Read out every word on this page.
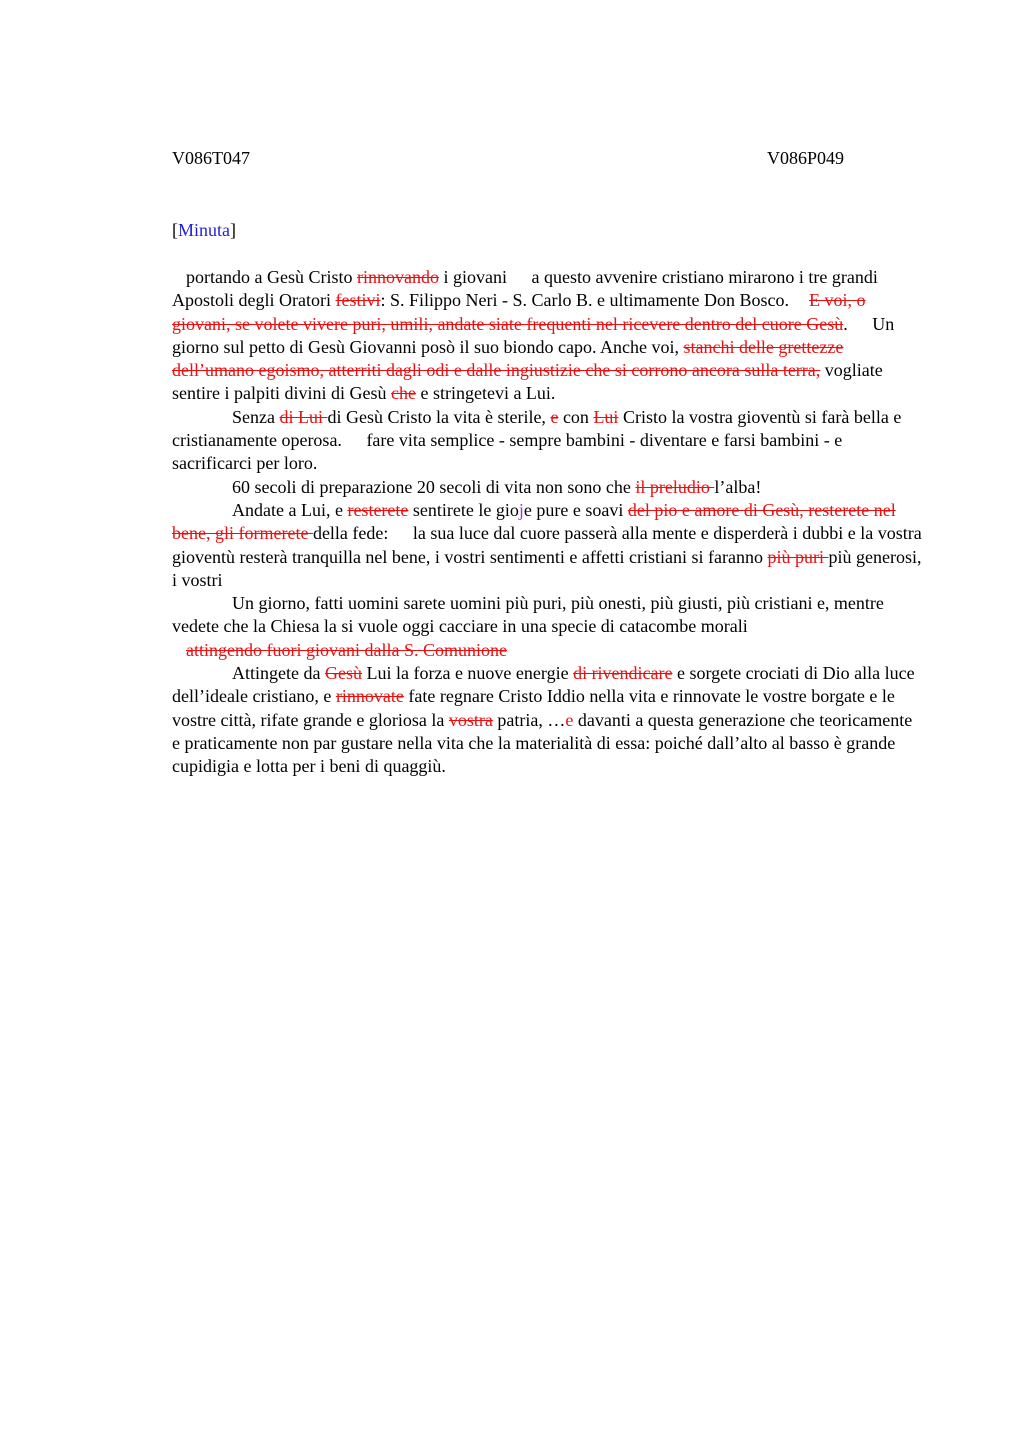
V086T047	V086P049
[Minuta]

portando a Gesù Cristo rinnovando i giovani a questo avvenire cristiano mirarono i tre grandi Apostoli degli Oratori festivi: S. Filippo Neri - S. Carlo B. e ultimamente Don Bosco. E voi, o giovani, se volete vivere puri, umili, andate siate frequenti nel ricevere dentro del cuore Gesù. Un giorno sul petto di Gesù Giovanni posò il suo biondo capo. Anche voi, stanchi delle grettezze dell’umano egoismo, atterriti dagli odi e dalle ingiustizie che si corrono ancora sulla terra, vogliate sentire i palpiti divini di Gesù che e stringetevi a Lui.

Senza di Lui di Gesù Cristo la vita è sterile, e con Lui Cristo la vostra gioventù si farà bella e cristianamente operosa. fare vita semplice - sempre bambini - diventare e farsi bambini - e sacrificarci per loro.

60 secoli di preparazione 20 secoli di vita non sono che il preludio l’alba!

Andate a Lui, e resterete sentirete le gioje pure e soavi del pio e amore di Gesù, resterete nel bene, gli formerete della fede: la sua luce dal cuore passerà alla mente e disperderà i dubbi e la vostra gioventù resterà tranquilla nel bene, i vostri sentimenti e affetti cristiani si faranno più puri più generosi, i vostri

Un giorno, fatti uomini sarete uomini più puri, più onesti, più giusti, più cristiani e, mentre vedete che la Chiesa la si vuole oggi cacciare in una specie di catacombe morali

attingendo fuori giovani dalla S. Comunione

Attingete da Gesù Lui la forza e nuove energie di rivendicare e sorgete crociati di Dio alla luce dell’ideale cristiano, e rinnovate fate regnare Cristo Iddio nella vita e rinnovate le vostre borgate e le vostre città, rifate grande e gloriosa la vostra patria, …e davanti a questa generazione che teoricamente e praticamente non par gustare nella vita che la materialità di essa: poiché dall’alto al basso è grande cupidigia e lotta per i beni di quaggiù.
